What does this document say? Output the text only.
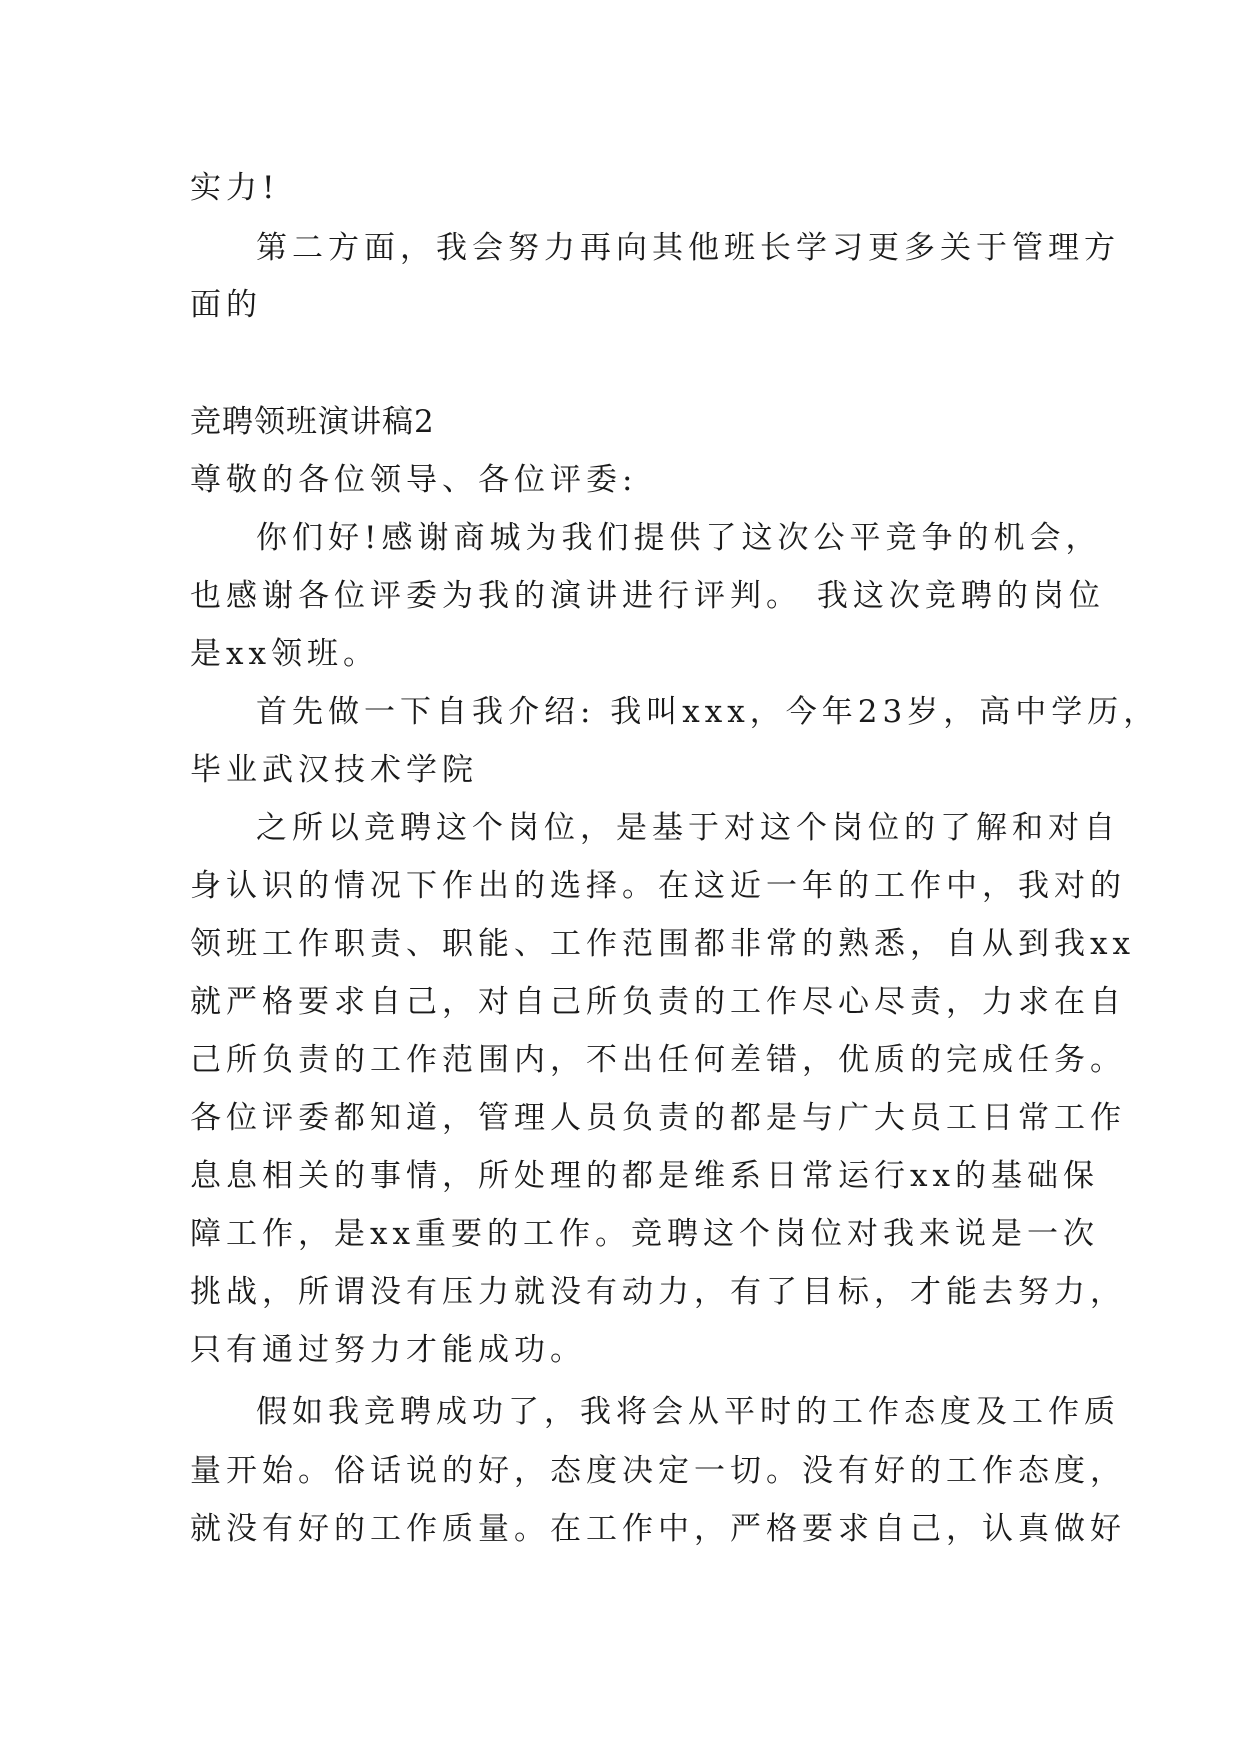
实力!
第二方面，我会努力再向其他班长学习更多关于管理方
面的
竞聘领班演讲稿2
尊敬的各位领导、各位评委:
你们好!感谢商城为我们提供了这次公平竞争的机会，
也感谢各位评委为我的演讲进行评判。 我这次竞聘的岗位
是xx领班。
首先做一下自我介绍: 我叫xxx，今年23岁，高中学历，
毕业武汉技术学院
之所以竞聘这个岗位，是基于对这个岗位的了解和对自
身认识的情况下作出的选择。在这近一年的工作中，我对的
领班工作职责、职能、工作范围都非常的熟悉，自从到我xx
就严格要求自己，对自己所负责的工作尽心尽责，力求在自
己所负责的工作范围内，不出任何差错，优质的完成任务。
各位评委都知道，管理人员负责的都是与广大员工日常工作
息息相关的事情，所处理的都是维系日常运行xx的基础保
障工作，是xx重要的工作。竞聘这个岗位对我来说是一次
挑战，所谓没有压力就没有动力，有了目标，才能去努力，
只有通过努力才能成功。
假如我竞聘成功了，我将会从平时的工作态度及工作质
量开始。俗话说的好，态度决定一切。没有好的工作态度，
就没有好的工作质量。在工作中，严格要求自己，认真做好
